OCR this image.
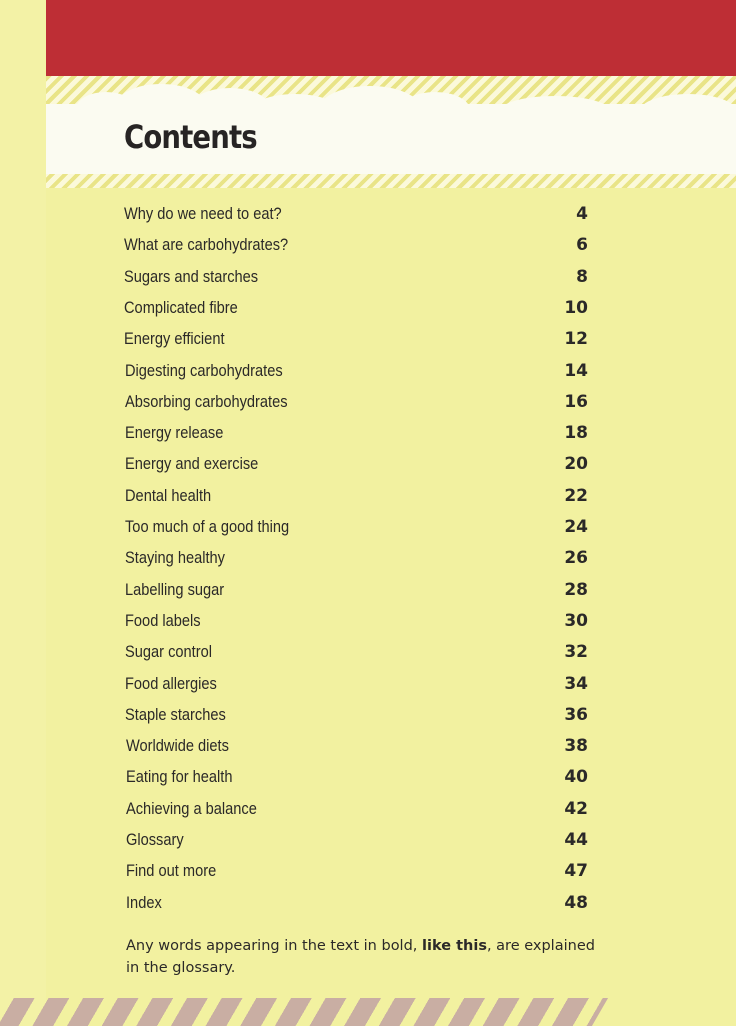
Contents
Why do we need to eat?	4
What are carbohydrates?	6
Sugars and starches	8
Complicated fibre	10
Energy efficient	12
Digesting carbohydrates	14
Absorbing carbohydrates	16
Energy release	18
Energy and exercise	20
Dental health	22
Too much of a good thing	24
Staying healthy	26
Labelling sugar	28
Food labels	30
Sugar control	32
Food allergies	34
Staple starches	36
Worldwide diets	38
Eating for health	40
Achieving a balance	42
Glossary	44
Find out more	47
Index	48

Any words appearing in the text in bold, like this, are explained in the glossary.
